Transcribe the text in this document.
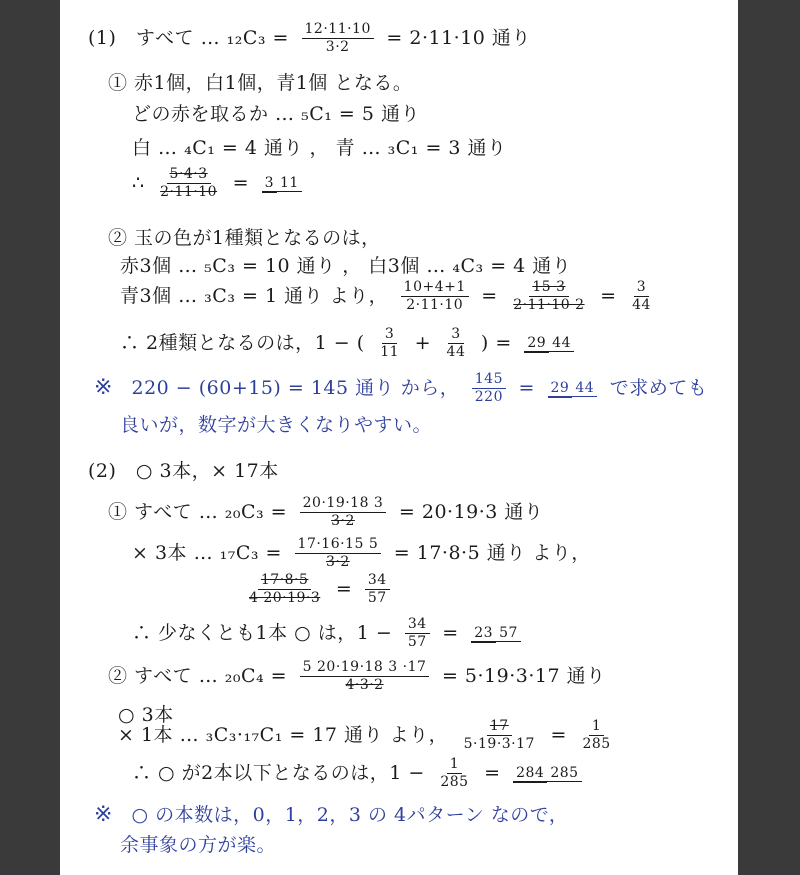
(1)　すべて … $_{12}C_3 = \frac{12\cdot 11\cdot 10}{3\cdot 2} = 2\cdot 11\cdot 10$ 通り
① 赤1個，白1個，青1個 となる。
どの赤を取るか … ₅C₁ = 5 通り
白 … ₄C₁ = 4 通り ， 青 … ₃C₁ = 3 通り
∴ $\frac{5\cdot 4\cdot 3}{2\cdot 11\cdot 10} = 3$ 11
② 玉の色が1種類となるのは，
赤3個 … ₅C₃ = 10 通り ， 白3個 … ₄C₃ = 4 通り
青3個 … ₃C₃ = 1 通り より， $\frac{10+4+1}{2\cdot 11\cdot 10} = \frac{15 3}{2\cdot 11\cdot 10 2} = \frac{3}{44}$
∴ 2種類となるのは，1 − ( $\frac{3}{11} + \frac{3}{44}$ ) = 29 44
※ 220 − (60+15) = 145 通り から， $\frac{145}{220} = 29$ 44 で求めても
良いが，数字が大きくなりやすい。
(2)　○ 3本，× 17本
① すべて … $_{20}C_3 = \frac{20\cdot 19\cdot 18 3}{3\cdot 2} = 20\cdot 19\cdot 3$ 通り
× 3本 … $_{17}C_3 = \frac{17\cdot 16\cdot 15 5}{3\cdot 2} = 17\cdot 8\cdot 5$ 通り より，
$\frac{17\cdot 8\cdot 5}{4 20\cdot 19\cdot 3} = \frac{34}{57}$
∴ 少なくとも1本 ○ は，$1 - \frac{34}{57} = 23$ 57
② すべて … $_{20}C_4 = \frac{5 20\cdot 19\cdot 18 3 \cdot 17}{4\cdot 3\cdot 2} = 5\cdot 19\cdot 3\cdot 17$ 通り
○ 3本
× 1本 … ₃C₃·₁₇C₁ = 17 通り より， $\frac{17}{5\cdot 19\cdot 3\cdot 17} = \frac{1}{285}$
∴ ○ が2本以下となるのは，$1 - \frac{1}{285} = 284$ 285
※ ○ の本数は，0，1，2，3 の 4パターン なので，
余事象の方が楽。
